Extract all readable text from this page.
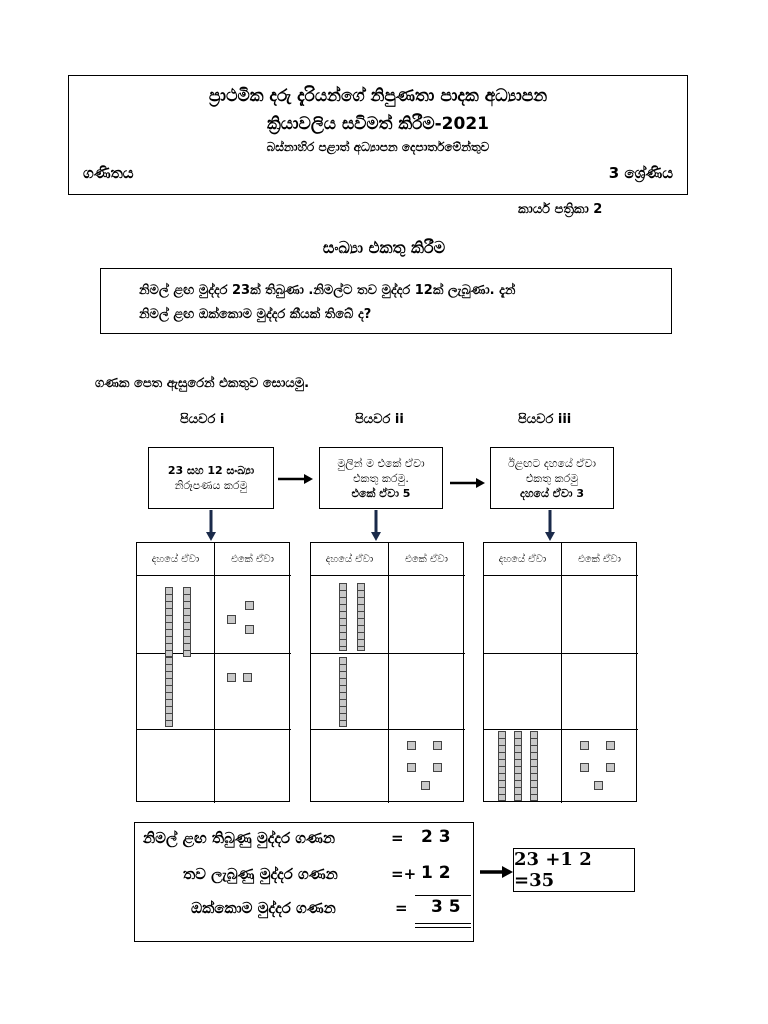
ප්‍රාථමික දරු දැරියන්ගේ නිපුණතා පාදක අධ්‍යාපන
ක්‍රියාවලිය සවිමත් කිරීම-2021
බස්නාහිර පළාත් අධ්‍යාපන දෙපාර්තමේන්තුව
ගණිතය	3 ශ්‍රේණිය
කාර්ය පත්‍රිකා 2
සංඛ්‍යා එකතු කිරීම
නිමල් ළඟ මුද්දර 23ක් තිබුණා .නිමල්ට තව මුද්දර 12ක් ලැබුණා. දැන්
නිමල් ළඟ ඔක්කොම මුද්දර කීයක් තිබේ ද?
ගණක පෙත ඇසුරෙන් එකතුව සොයමු.
පියවර i	පියවර ii	පියවර iii
23 සහ 12 සංඛ්‍යා
නිරූපණය කරමු
මුලින් ම එකේ ඒවා
එකතු කරමු.
එකේ ඒවා 5
ඊළඟට දහයේ ඒවා
එකතු කරමු
දහයේ ඒවා 3
දහයේ ඒවා	එකේ ඒවා	දහයේ ඒවා	එකේ ඒවා	දහයේ ඒවා	එකේ ඒවා
නිමල් ළඟ තිබුණු මුද්දර ගණන	= 2 3
තව ලැබුණු මුද්දර ගණන	=+ 1 2
ඔක්කොම මුද්දර ගණන	= 3 5
23 +1 2 =35
